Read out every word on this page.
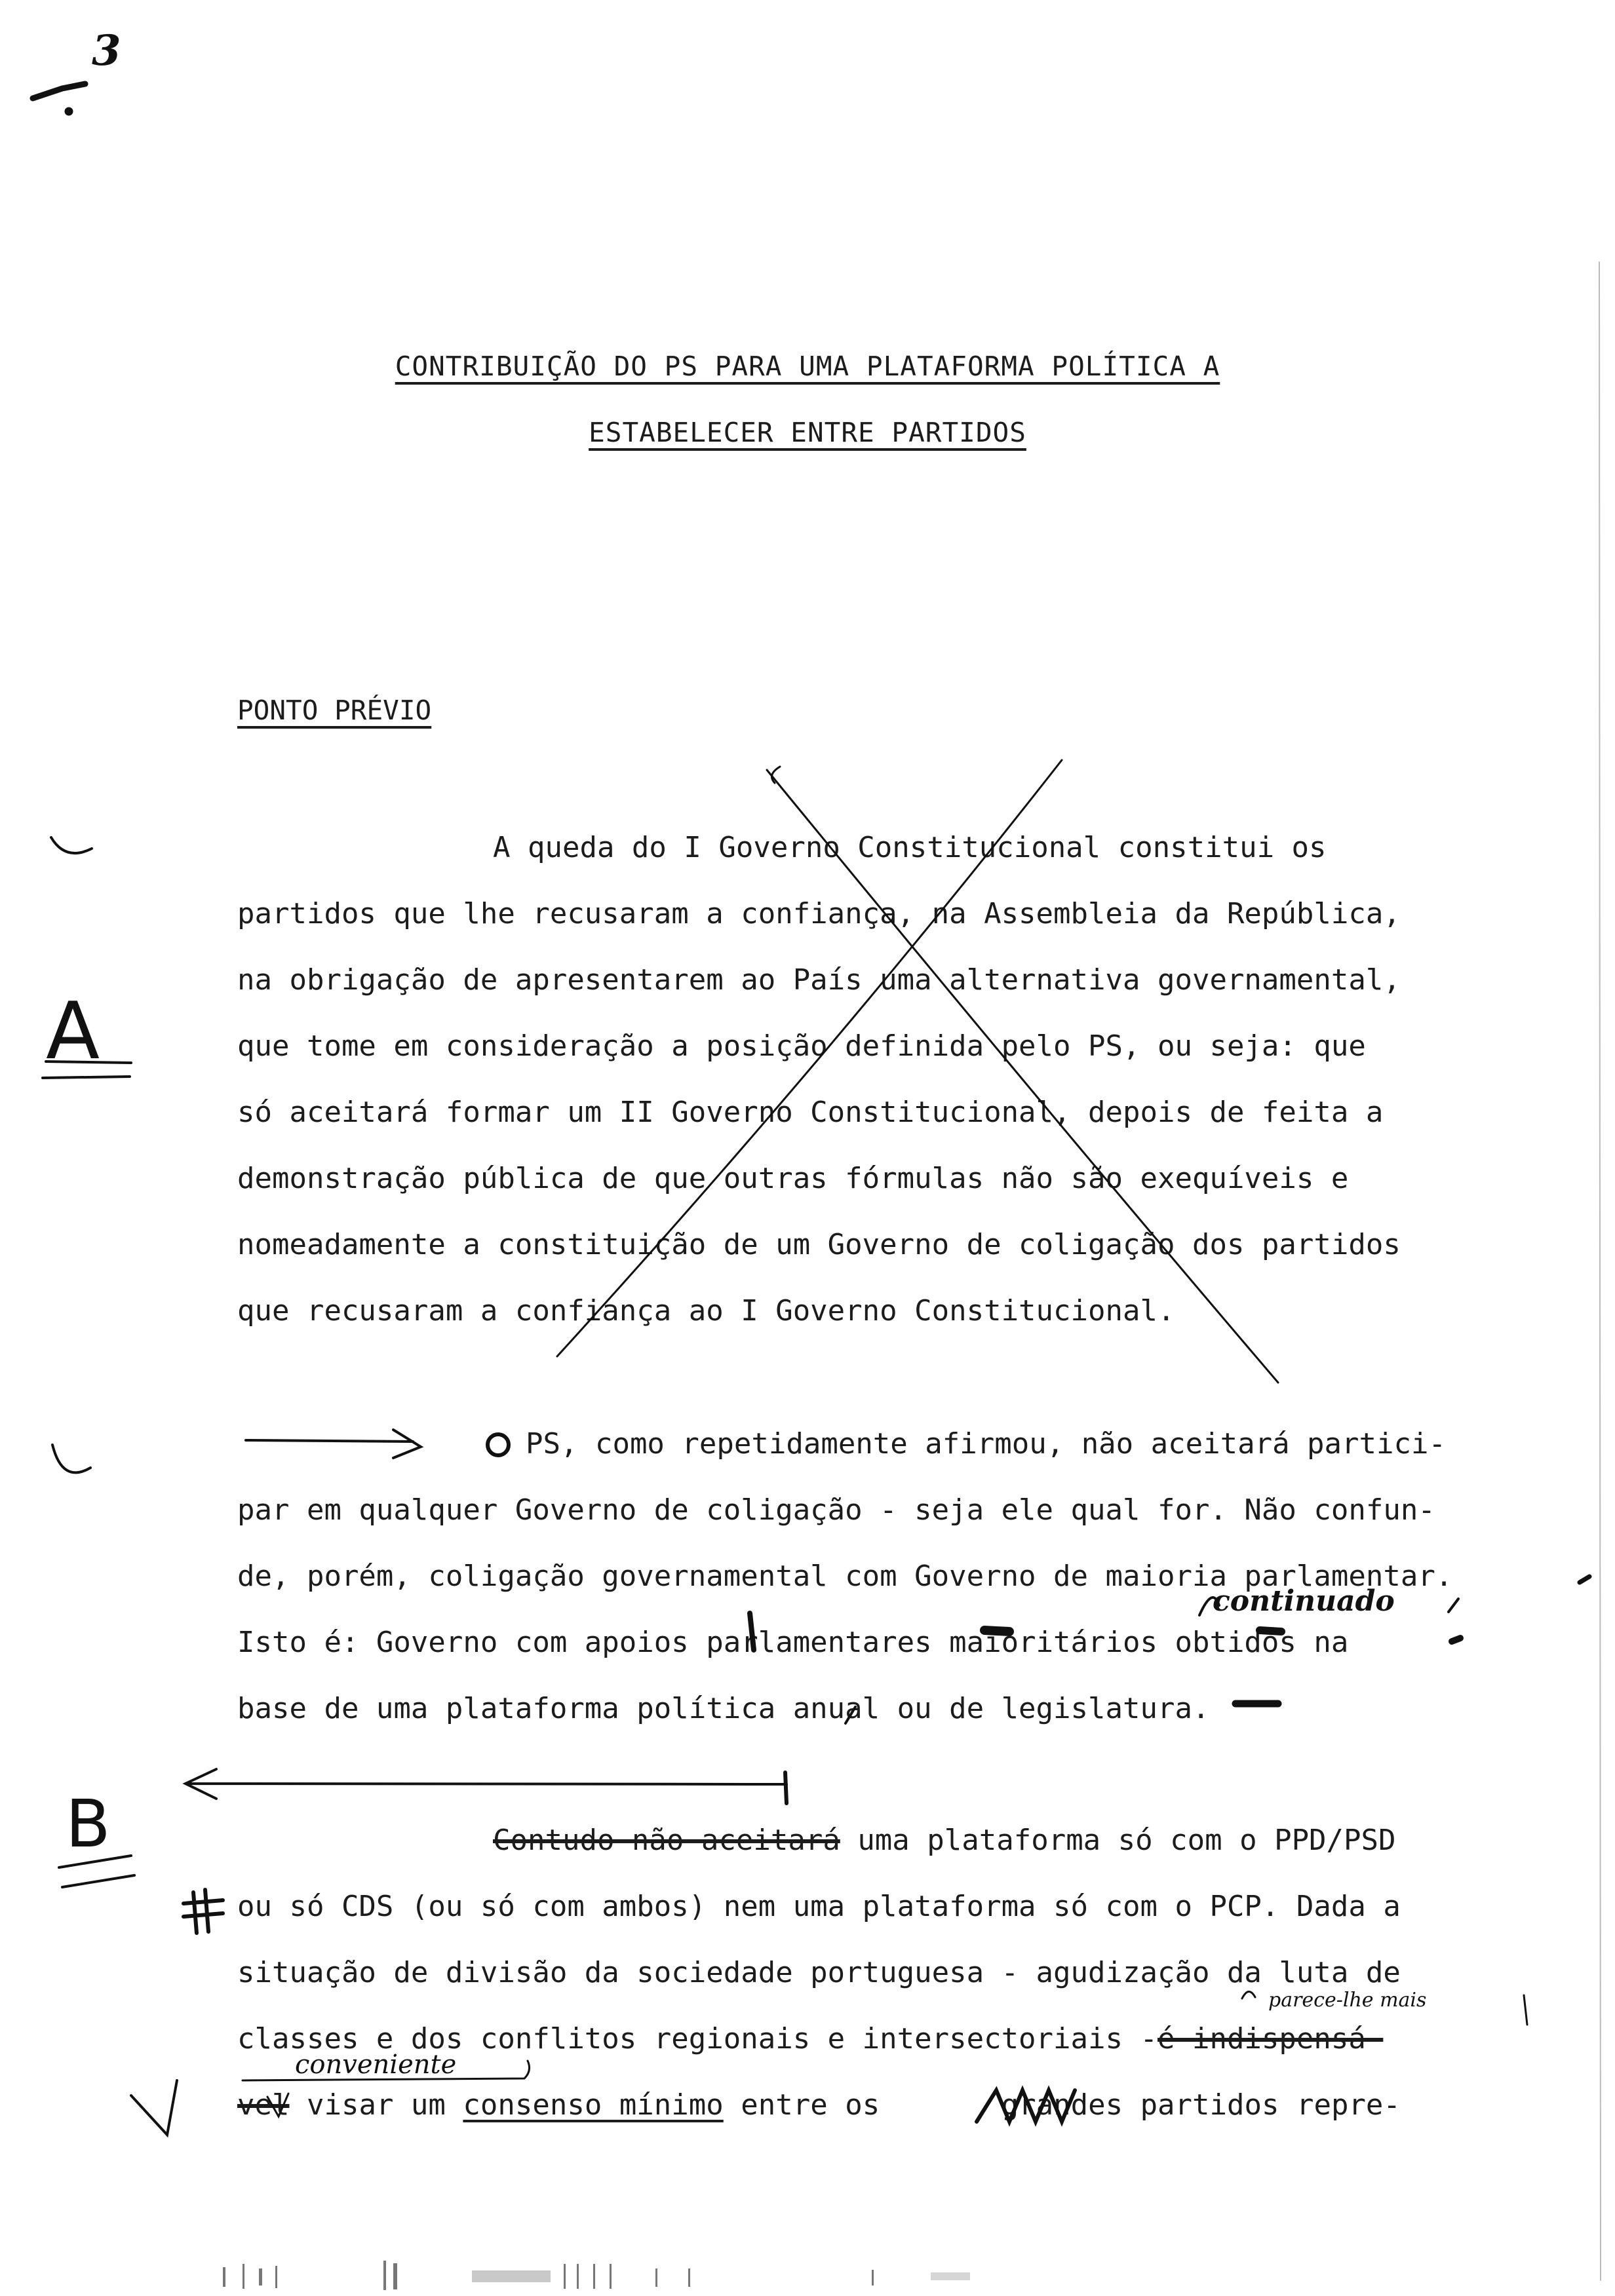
CONTRIBUIÇÃO DO PS PARA UMA PLATAFORMA POLÍTICA A
ESTABELECER ENTRE PARTIDOS
PONTO PRÉVIO
A queda do I Governo Constitucional constitui os
partidos que lhe recusaram a confiança, na Assembleia da República,
na obrigação de apresentarem ao País uma alternativa governamental,
que tome em consideração a posição definida pelo PS, ou seja: que
só aceitará formar um II Governo Constitucional, depois de feita a
demonstração pública de que outras fórmulas não são exequíveis e
nomeadamente a constituição de um Governo de coligação dos partidos
que recusaram a confiança ao I Governo Constitucional.
PS, como repetidamente afirmou, não aceitará partici-
par em qualquer Governo de coligação - seja ele qual for. Não confun-
de, porém, coligação governamental com Governo de maioria parlamentar.
Isto é: Governo com apoios parlamentares maioritários obtidos na
base de uma plataforma política anual ou de legislatura.
Contudo não aceitará uma plataforma só com o PPD/PSD
ou só CDS (ou só com ambos) nem uma plataforma só com o PCP. Dada a
situação de divisão da sociedade portuguesa - agudização da luta de
classes e dos conflitos regionais e intersectoriais -é indispensá-
vel visar um consenso mínimo entre os	grandes partidos repre-
A
B
continuado
parece-lhe mais
conveniente
3
